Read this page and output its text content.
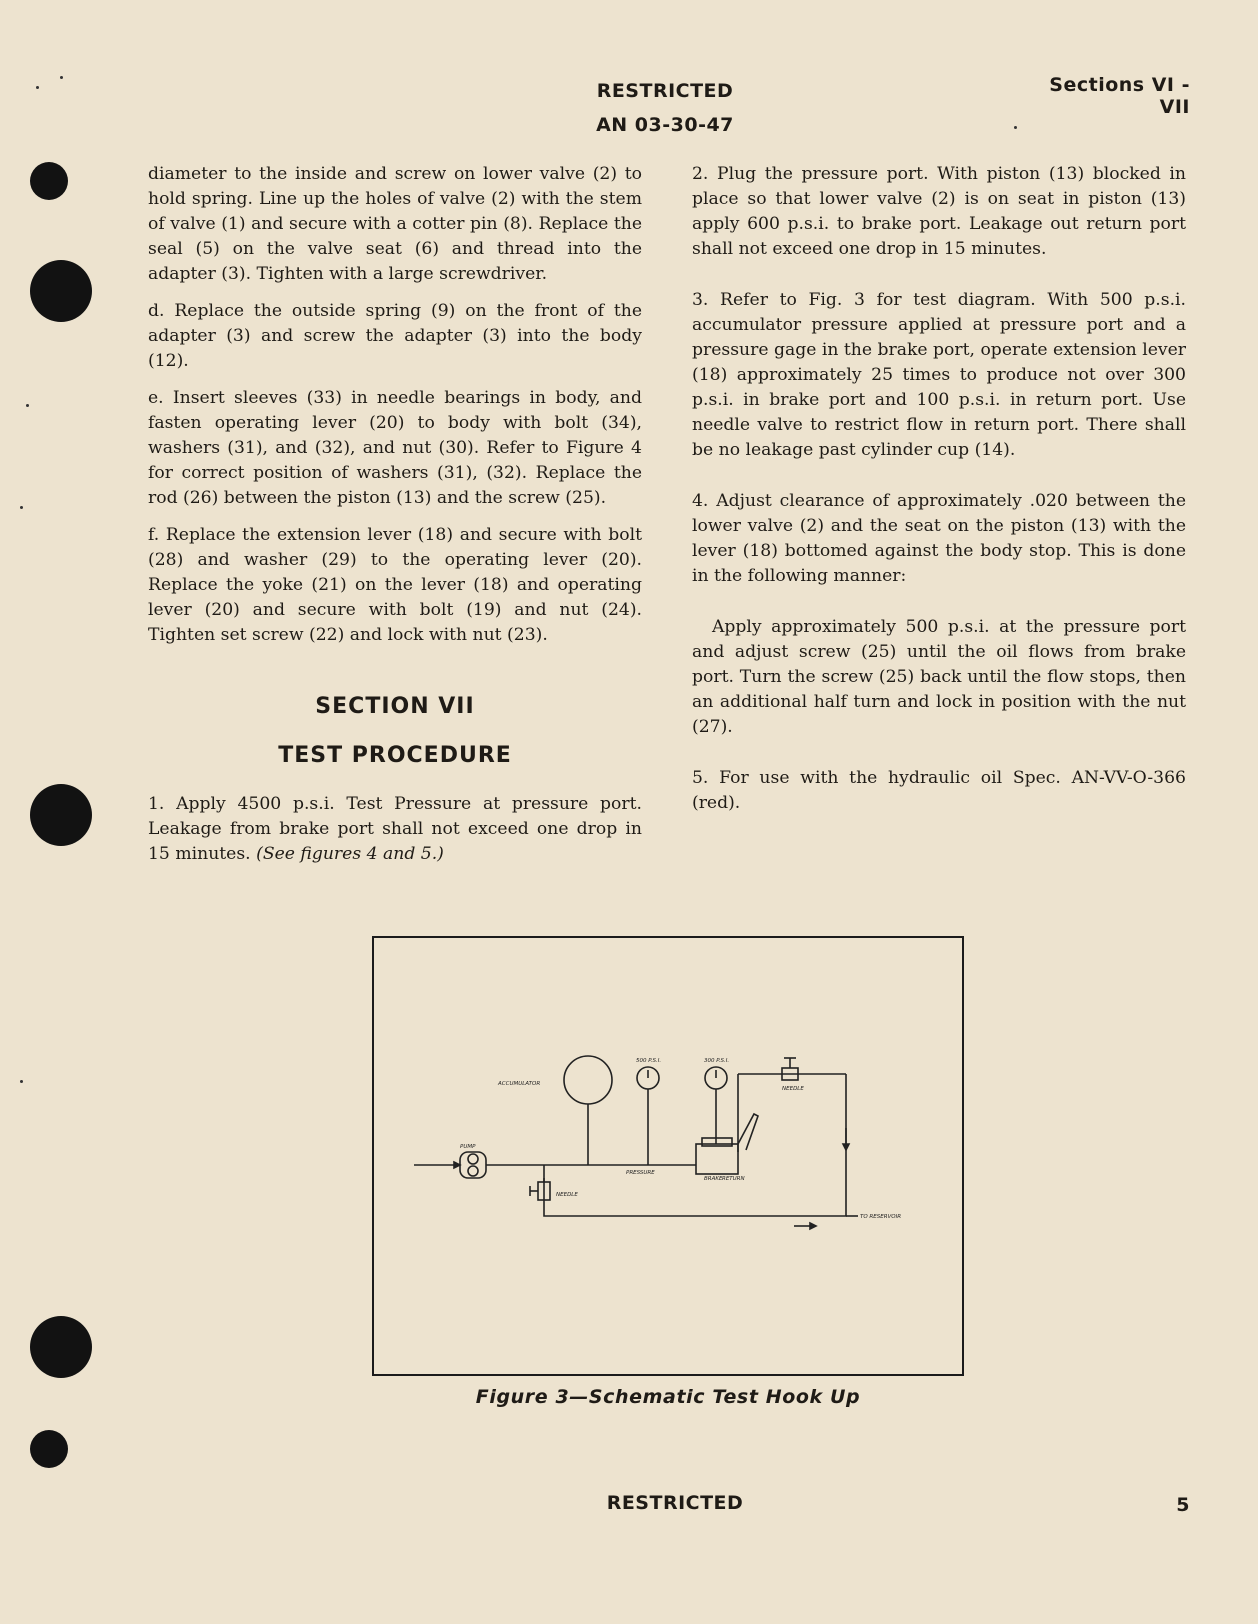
RESTRICTED
AN 03-30-47
Sections VI - VII

diameter to the inside and screw on lower valve (2) to hold spring. Line up the holes of valve (2) with the stem of valve (1) and secure with a cotter pin (8). Replace the seal (5) on the valve seat (6) and thread into the adapter (3). Tighten with a large screwdriver.

d. Replace the outside spring (9) on the front of the adapter (3) and screw the adapter (3) into the body (12).

e. Insert sleeves (33) in needle bearings in body, and fasten operating lever (20) to body with bolt (34), washers (31), and (32), and nut (30). Refer to Figure 4 for correct position of washers (31), (32). Replace the rod (26) between the piston (13) and the screw (25).

f. Replace the extension lever (18) and secure with bolt (28) and washer (29) to the operating lever (20). Replace the yoke (21) on the lever (18) and operating lever (20) and secure with bolt (19) and nut (24). Tighten set screw (22) and lock with nut (23).

SECTION VII
TEST PROCEDURE

1. Apply 4500 p.s.i. Test Pressure at pressure port. Leakage from brake port shall not exceed one drop in 15 minutes. (See figures 4 and 5.)

2. Plug the pressure port. With piston (13) blocked in place so that lower valve (2) is on seat in piston (13) apply 600 p.s.i. to brake port. Leakage out return port shall not exceed one drop in 15 minutes.

3. Refer to Fig. 3 for test diagram. With 500 p.s.i. accumulator pressure applied at pressure port and a pressure gage in the brake port, operate extension lever (18) approximately 25 times to produce not over 300 p.s.i. in brake port and 100 p.s.i. in return port. Use needle valve to restrict flow in return port. There shall be no leakage past cylinder cup (14).

4. Adjust clearance of approximately .020 between the lower valve (2) and the seat on the piston (13) with the lever (18) bottomed against the body stop. This is done in the following manner:

Apply approximately 500 p.s.i. at the pressure port and adjust screw (25) until the oil flows from brake port. Turn the screw (25) back until the flow stops, then an additional half turn and lock in position with the nut (27).

5. For use with the hydraulic oil Spec. AN-VV-O-366 (red).

ACCUMULATOR
500 P.S.I.	300 P.S.I.
NEEDLE
PUMP
PRESSURE
BRAKE RETURN
NEEDLE
TO RESERVOIR
Figure 3—Schematic Test Hook Up
RESTRICTED	5
